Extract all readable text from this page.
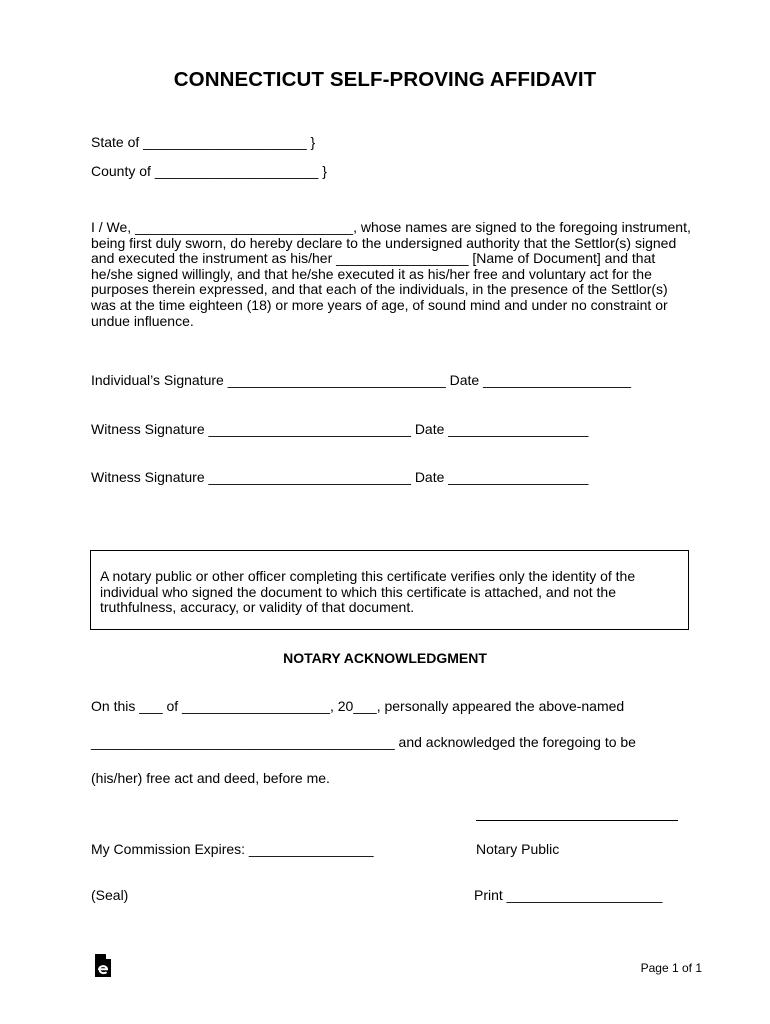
CONNECTICUT SELF-PROVING AFFIDAVIT
State of _____________________ }
County of _____________________ }
I / We, ____________________________, whose names are signed to the foregoing instrument, being first duly sworn, do hereby declare to the undersigned authority that the Settlor(s) signed and executed the instrument as his/her _________________ [Name of Document] and that he/she signed willingly, and that he/she executed it as his/her free and voluntary act for the purposes therein expressed, and that each of the individuals, in the presence of the Settlor(s) was at the time eighteen (18) or more years of age, of sound mind and under no constraint or undue influence.
Individual’s Signature ____________________________ Date ___________________
Witness Signature __________________________ Date __________________
Witness Signature __________________________ Date __________________
A notary public or other officer completing this certificate verifies only the identity of the individual who signed the document to which this certificate is attached, and not the truthfulness, accuracy, or validity of that document.
NOTARY ACKNOWLEDGMENT
On this ___ of ___________________, 20___, personally appeared the above-named
_______________________________________ and acknowledged the foregoing to be
(his/her) free act and deed, before me.
My Commission Expires: ________________	Notary Public
(Seal)	Print ____________________
Page 1 of 1
